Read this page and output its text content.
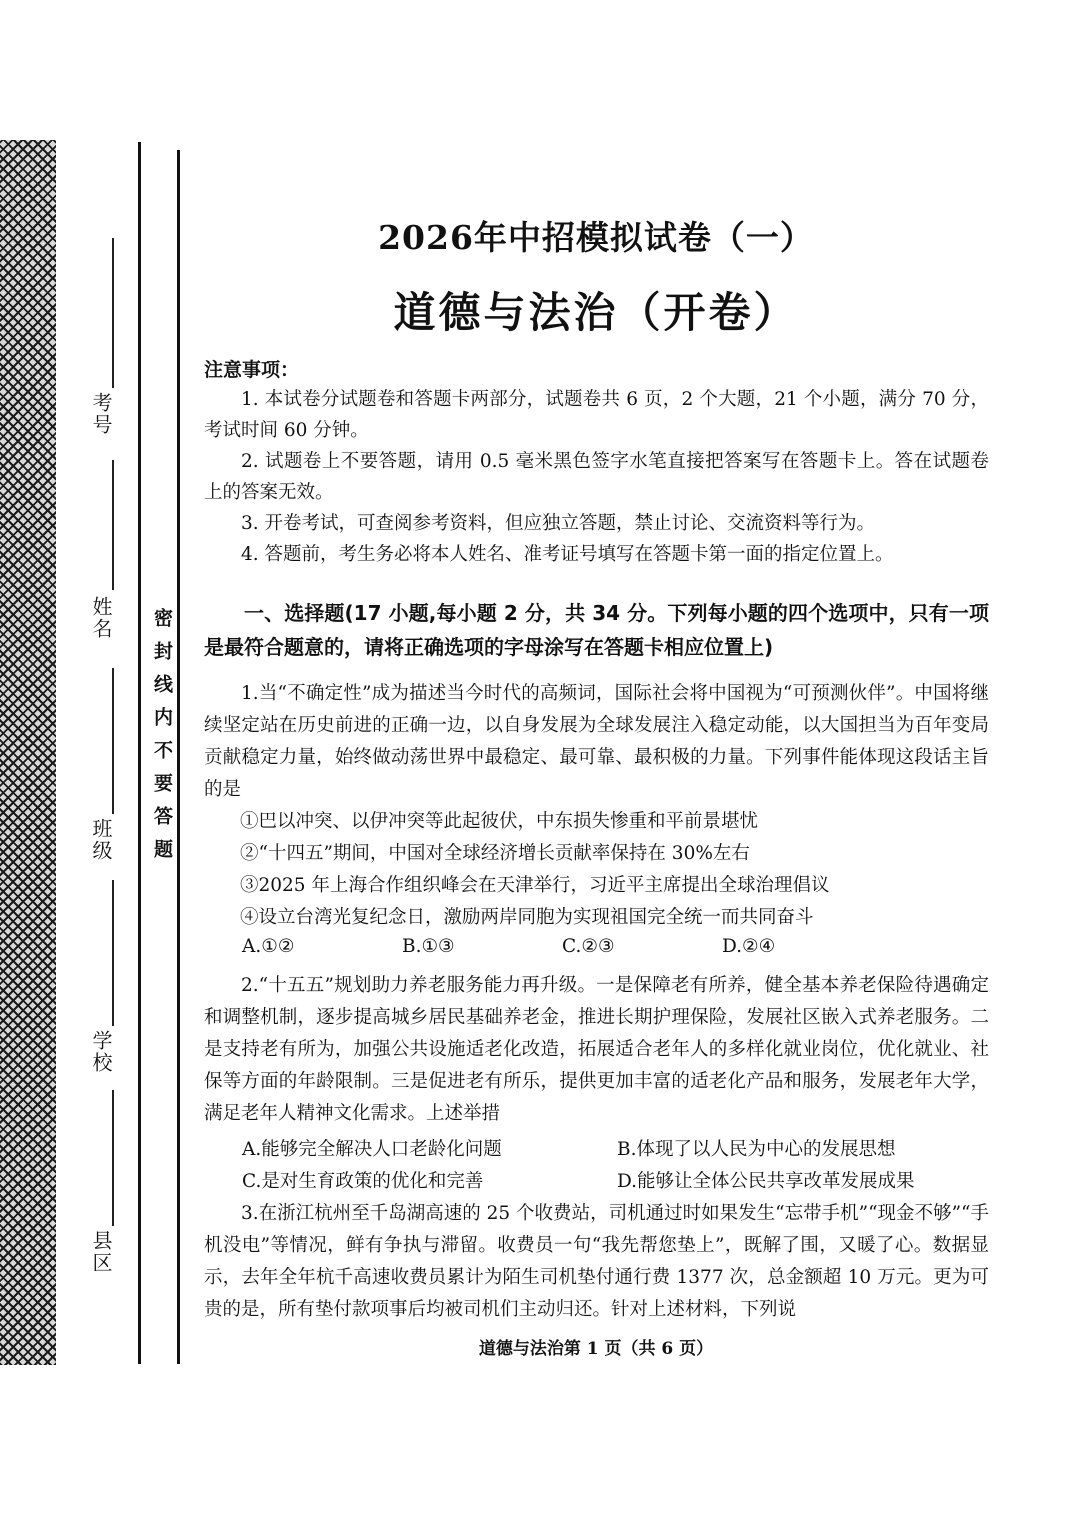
考号
姓名
班级
学校
县区
密封线内不要答题
2026年中招模拟试卷（一）
道德与法治（开卷）
注意事项：

1. 本试卷分试题卷和答题卡两部分，试题卷共 6 页，2 个大题，21 个小题，满分 70 分，考试时间 60 分钟。

2. 试题卷上不要答题，请用 0.5 毫米黑色签字水笔直接把答案写在答题卡上。答在试题卷上的答案无效。

3. 开卷考试，可查阅参考资料，但应独立答题，禁止讨论、交流资料等行为。

4. 答题前，考生务必将本人姓名、准考证号填写在答题卡第一面的指定位置上。

一、选择题(17 小题,每小题 2 分，共 34 分。下列每小题的四个选项中，只有一项是最符合题意的，请将正确选项的字母涂写在答题卡相应位置上)

1.当“不确定性”成为描述当今时代的高频词，国际社会将中国视为“可预测伙伴”。中国将继续坚定站在历史前进的正确一边，以自身发展为全球发展注入稳定动能，以大国担当为百年变局贡献稳定力量，始终做动荡世界中最稳定、最可靠、最积极的力量。下列事件能体现这段话主旨的是

①巴以冲突、以伊冲突等此起彼伏，中东损失惨重和平前景堪忧
②“十四五”期间，中国对全球经济增长贡献率保持在 30%左右
③2025 年上海合作组织峰会在天津举行，习近平主席提出全球治理倡议
④设立台湾光复纪念日，激励两岸同胞为实现祖国完全统一而共同奋斗
A.①②	B.①③	C.②③	D.②④

2.“十五五”规划助力养老服务能力再升级。一是保障老有所养，健全基本养老保险待遇确定和调整机制，逐步提高城乡居民基础养老金，推进长期护理保险，发展社区嵌入式养老服务。二是支持老有所为，加强公共设施适老化改造，拓展适合老年人的多样化就业岗位，优化就业、社保等方面的年龄限制。三是促进老有所乐，提供更加丰富的适老化产品和服务，发展老年大学，满足老年人精神文化需求。上述举措

A.能够完全解决人口老龄化问题	B.体现了以人民为中心的发展思想
C.是对生育政策的优化和完善	D.能够让全体公民共享改革发展成果

3.在浙江杭州至千岛湖高速的 25 个收费站，司机通过时如果发生“忘带手机”“现金不够”“手机没电”等情况，鲜有争执与滞留。收费员一句“我先帮您垫上”，既解了围，又暖了心。数据显示，去年全年杭千高速收费员累计为陌生司机垫付通行费 1377 次，总金额超 10 万元。更为可贵的是，所有垫付款项事后均被司机们主动归还。针对上述材料，下列说

道德与法治第 1 页（共 6 页）
